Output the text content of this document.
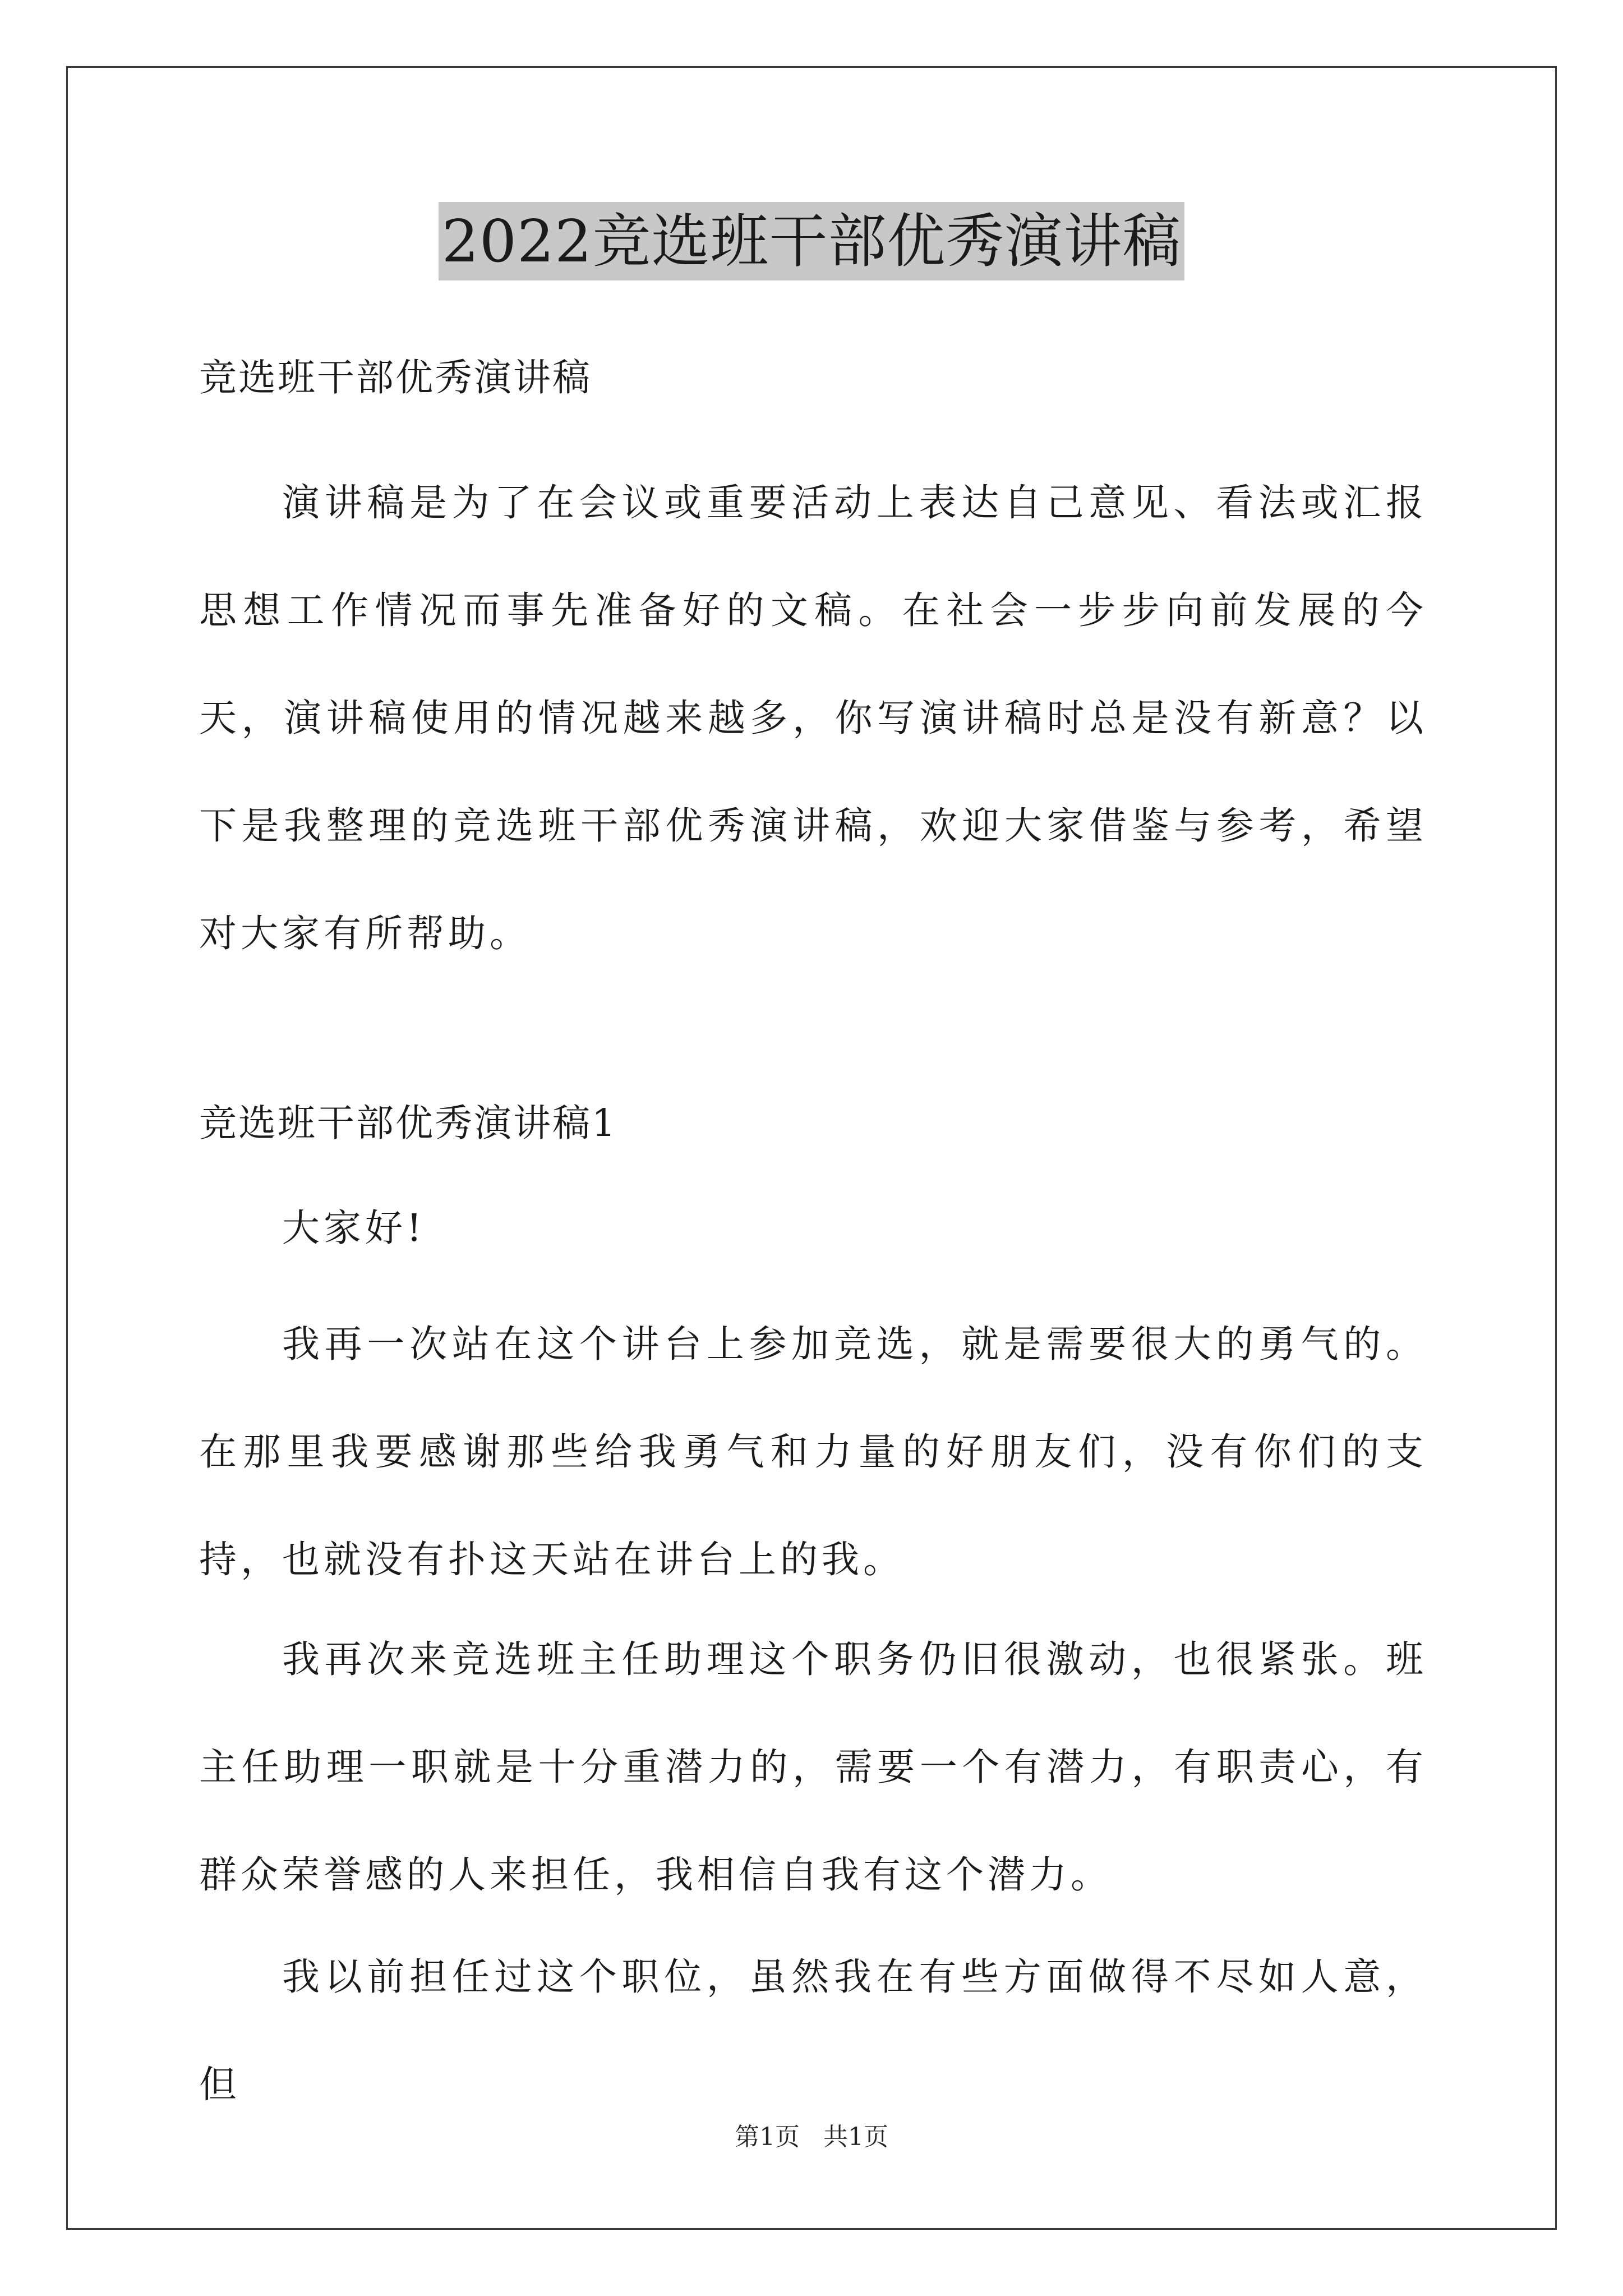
2022竞选班干部优秀演讲稿

竞选班干部优秀演讲稿

演讲稿是为了在会议或重要活动上表达自己意见、看法或汇报思想工作情况而事先准备好的文稿。在社会一步步向前发展的今天，演讲稿使用的情况越来越多，你写演讲稿时总是没有新意？以下是我整理的竞选班干部优秀演讲稿，欢迎大家借鉴与参考，希望对大家有所帮助。

竞选班干部优秀演讲稿1

大家好!

我再一次站在这个讲台上参加竞选，就是需要很大的勇气的。在那里我要感谢那些给我勇气和力量的好朋友们，没有你们的支持，也就没有扑这天站在讲台上的我。

我再次来竞选班主任助理这个职务仍旧很激动，也很紧张。班主任助理一职就是十分重潜力的，需要一个有潜力，有职责心，有群众荣誉感的人来担任，我相信自我有这个潜力。

我以前担任过这个职位，虽然我在有些方面做得不尽如人意，但

第1页 共1页
